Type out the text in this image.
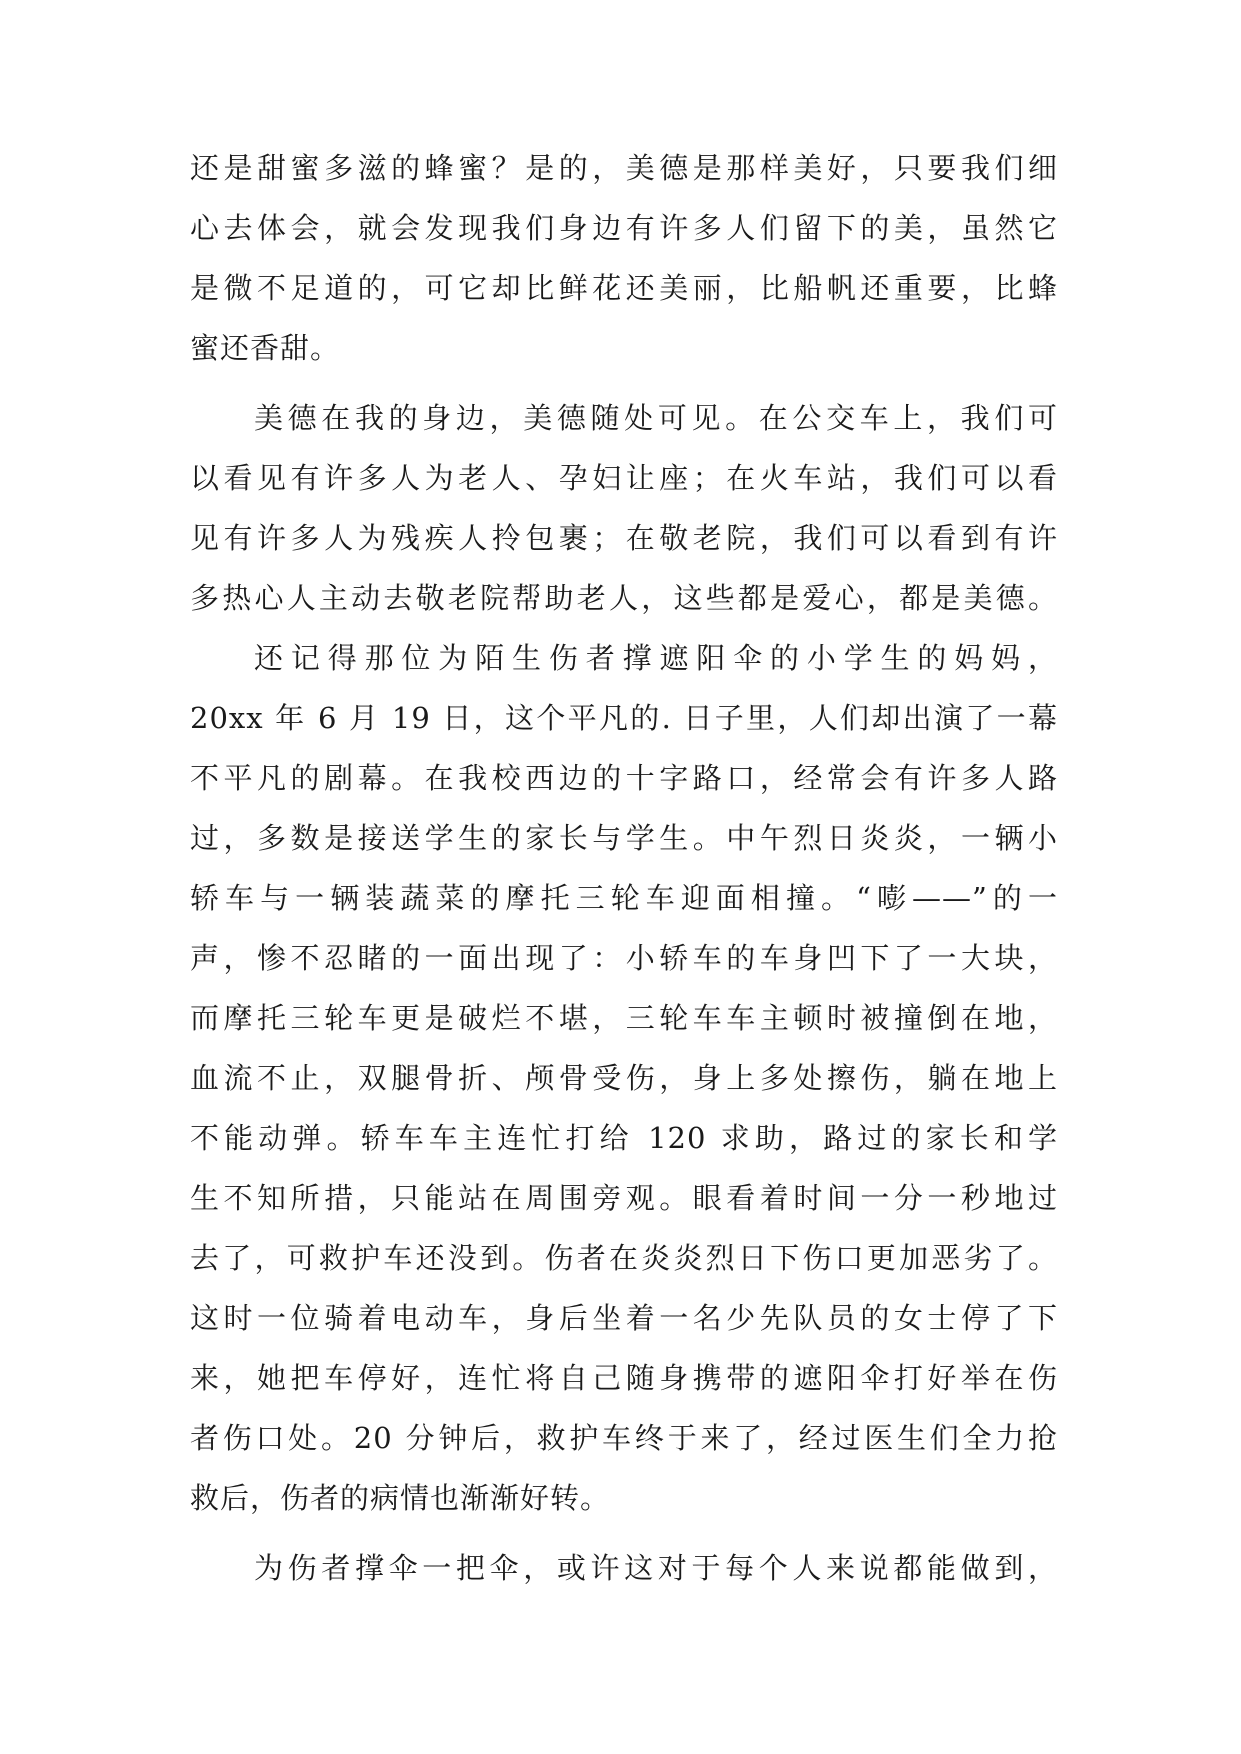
还是甜蜜多滋的蜂蜜？是的，美德是那样美好，只要我们细
心去体会，就会发现我们身边有许多人们留下的美，虽然它
是微不足道的，可它却比鲜花还美丽，比船帆还重要，比蜂
蜜还香甜。
美德在我的身边，美德随处可见。在公交车上，我们可
以看见有许多人为老人、孕妇让座；在火车站，我们可以看
见有许多人为残疾人拎包裹；在敬老院，我们可以看到有许
多热心人主动去敬老院帮助老人，这些都是爱心，都是美德。
还记得那位为陌生伤者撑遮阳伞的小学生的妈妈，
20xx 年 6 月 19 日，这个平凡的. 日子里，人们却出演了一幕
不平凡的剧幕。在我校西边的十字路口，经常会有许多人路
过，多数是接送学生的家长与学生。中午烈日炎炎，一辆小
轿车与一辆装蔬菜的摩托三轮车迎面相撞。“嘭——”的一
声，惨不忍睹的一面出现了：小轿车的车身凹下了一大块，
而摩托三轮车更是破烂不堪，三轮车车主顿时被撞倒在地，
血流不止，双腿骨折、颅骨受伤，身上多处擦伤，躺在地上
不能动弹。轿车车主连忙打给 120 求助，路过的家长和学
生不知所措，只能站在周围旁观。眼看着时间一分一秒地过
去了，可救护车还没到。伤者在炎炎烈日下伤口更加恶劣了。
这时一位骑着电动车，身后坐着一名少先队员的女士停了下
来，她把车停好，连忙将自己随身携带的遮阳伞打好举在伤
者伤口处。20 分钟后，救护车终于来了，经过医生们全力抢
救后，伤者的病情也渐渐好转。
为伤者撑伞一把伞，或许这对于每个人来说都能做到，
